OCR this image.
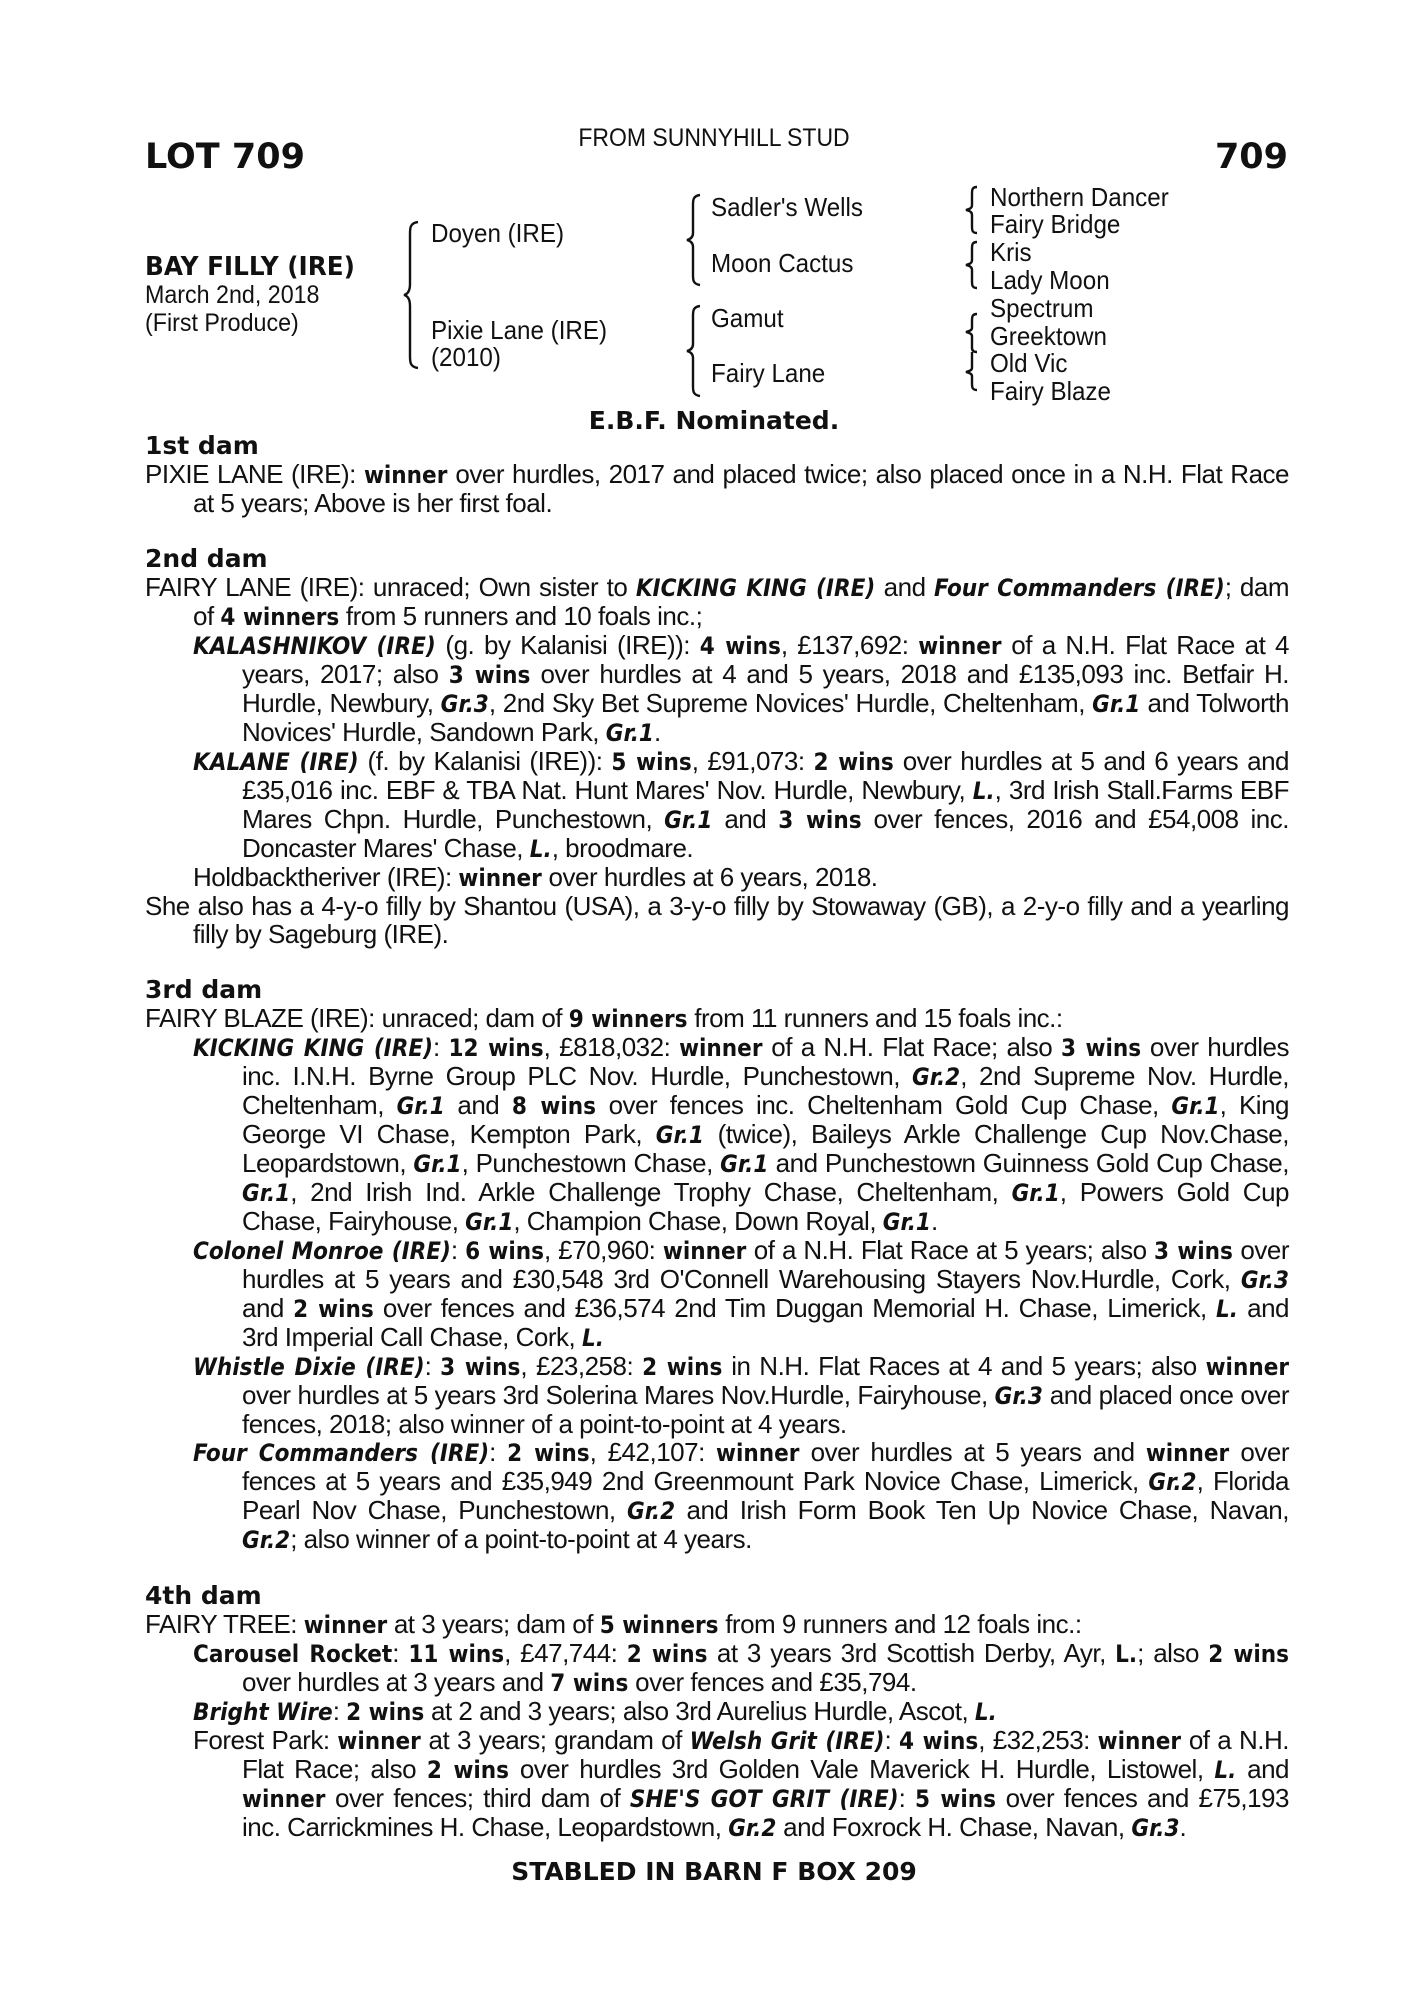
FROM SUNNYHILL STUD
LOT 709	709
BAY FILLY (IRE)
March 2nd, 2018
(First Produce)
Doyen (IRE)
Pixie Lane (IRE)
(2010)
Sadler's Wells
Moon Cactus
Gamut
Fairy Lane
Northern Dancer
Fairy Bridge
Kris
Lady Moon
Spectrum
Greektown
Old Vic
Fairy Blaze
E.B.F. Nominated.
1st dam
PIXIE LANE (IRE): winner over hurdles, 2017 and placed twice; also placed once in a N.H. Flat Race at 5 years; Above is her first foal.
2nd dam
FAIRY LANE (IRE): unraced; Own sister to KICKING KING (IRE) and Four Commanders (IRE); dam of 4 winners from 5 runners and 10 foals inc.;
KALASHNIKOV (IRE) (g. by Kalanisi (IRE)): 4 wins, £137,692: winner of a N.H. Flat Race at 4 years, 2017; also 3 wins over hurdles at 4 and 5 years, 2018 and £135,093 inc. Betfair H. Hurdle, Newbury, Gr.3, 2nd Sky Bet Supreme Novices' Hurdle, Cheltenham, Gr.1 and Tolworth Novices' Hurdle, Sandown Park, Gr.1.
KALANE (IRE) (f. by Kalanisi (IRE)): 5 wins, £91,073: 2 wins over hurdles at 5 and 6 years and £35,016 inc. EBF & TBA Nat. Hunt Mares' Nov. Hurdle, Newbury, L., 3rd Irish Stall.Farms EBF Mares Chpn. Hurdle, Punchestown, Gr.1 and 3 wins over fences, 2016 and £54,008 inc. Doncaster Mares' Chase, L., broodmare.
Holdbacktheriver (IRE): winner over hurdles at 6 years, 2018.
She also has a 4-y-o filly by Shantou (USA), a 3-y-o filly by Stowaway (GB), a 2-y-o filly and a yearling filly by Sageburg (IRE).
3rd dam
FAIRY BLAZE (IRE): unraced; dam of 9 winners from 11 runners and 15 foals inc.:
KICKING KING (IRE): 12 wins, £818,032: winner of a N.H. Flat Race; also 3 wins over hurdles inc. I.N.H. Byrne Group PLC Nov. Hurdle, Punchestown, Gr.2, 2nd Supreme Nov. Hurdle, Cheltenham, Gr.1 and 8 wins over fences inc. Cheltenham Gold Cup Chase, Gr.1, King George VI Chase, Kempton Park, Gr.1 (twice), Baileys Arkle Challenge Cup Nov.Chase, Leopardstown, Gr.1, Punchestown Chase, Gr.1 and Punchestown Guinness Gold Cup Chase, Gr.1, 2nd Irish Ind. Arkle Challenge Trophy Chase, Cheltenham, Gr.1, Powers Gold Cup Chase, Fairyhouse, Gr.1, Champion Chase, Down Royal, Gr.1.
Colonel Monroe (IRE): 6 wins, £70,960: winner of a N.H. Flat Race at 5 years; also 3 wins over hurdles at 5 years and £30,548 3rd O'Connell Warehousing Stayers Nov.Hurdle, Cork, Gr.3 and 2 wins over fences and £36,574 2nd Tim Duggan Memorial H. Chase, Limerick, L. and 3rd Imperial Call Chase, Cork, L.
Whistle Dixie (IRE): 3 wins, £23,258: 2 wins in N.H. Flat Races at 4 and 5 years; also winner over hurdles at 5 years 3rd Solerina Mares Nov.Hurdle, Fairyhouse, Gr.3 and placed once over fences, 2018; also winner of a point-to-point at 4 years.
Four Commanders (IRE): 2 wins, £42,107: winner over hurdles at 5 years and winner over fences at 5 years and £35,949 2nd Greenmount Park Novice Chase, Limerick, Gr.2, Florida Pearl Nov Chase, Punchestown, Gr.2 and Irish Form Book Ten Up Novice Chase, Navan, Gr.2; also winner of a point-to-point at 4 years.
4th dam
FAIRY TREE: winner at 3 years; dam of 5 winners from 9 runners and 12 foals inc.:
Carousel Rocket: 11 wins, £47,744: 2 wins at 3 years 3rd Scottish Derby, Ayr, L.; also 2 wins over hurdles at 3 years and 7 wins over fences and £35,794.
Bright Wire: 2 wins at 2 and 3 years; also 3rd Aurelius Hurdle, Ascot, L.
Forest Park: winner at 3 years; grandam of Welsh Grit (IRE): 4 wins, £32,253: winner of a N.H. Flat Race; also 2 wins over hurdles 3rd Golden Vale Maverick H. Hurdle, Listowel, L. and winner over fences; third dam of SHE'S GOT GRIT (IRE): 5 wins over fences and £75,193 inc. Carrickmines H. Chase, Leopardstown, Gr.2 and Foxrock H. Chase, Navan, Gr.3.
STABLED IN BARN F BOX 209
